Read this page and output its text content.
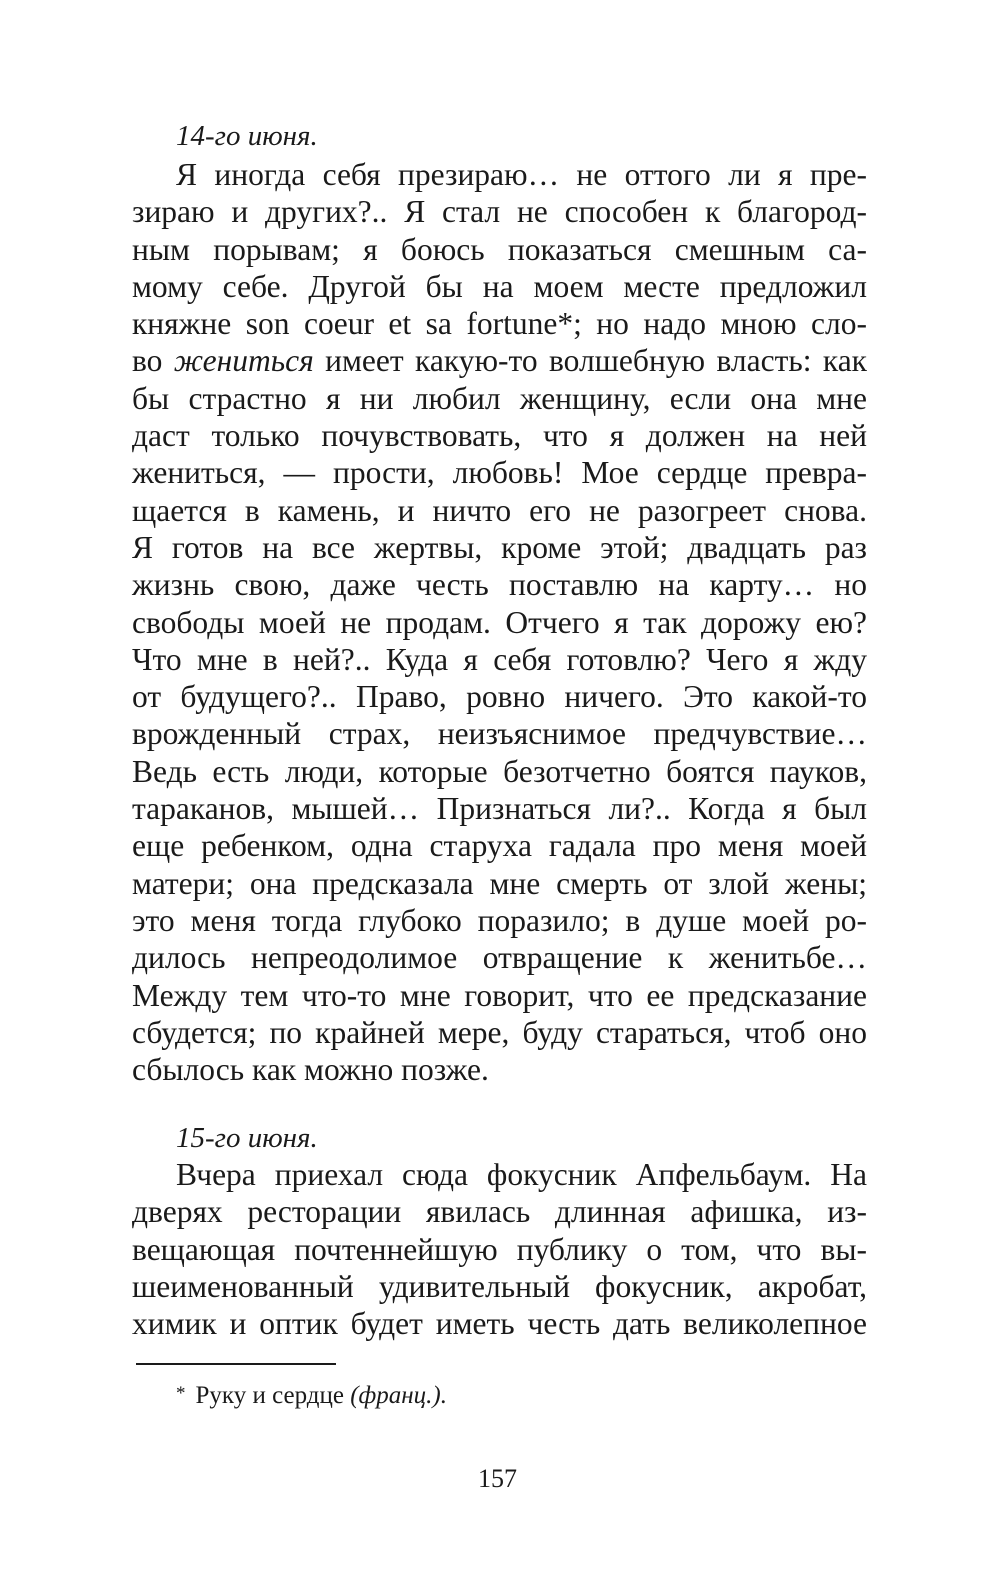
14-го июня.
Я иногда себя презираю… не оттого ли я пре-
зираю и других?.. Я стал не способен к благород-
ным порывам; я боюсь показаться смешным са-
мому себе. Другой бы на моем месте предложил
княжне son coeur et sa fortune*; но надо мною сло-
во жениться имеет какую-то волшебную власть: как
бы страстно я ни любил женщину, если она мне
даст только почувствовать, что я должен на ней
жениться, — прости, любовь! Мое сердце превра-
щается в камень, и ничто его не разогреет снова.
Я готов на все жертвы, кроме этой; двадцать раз
жизнь свою, даже честь поставлю на карту… но
свободы моей не продам. Отчего я так дорожу ею?
Что мне в ней?.. Куда я себя готовлю? Чего я жду
от будущего?.. Право, ровно ничего. Это какой-то
врожденный страх, неизъяснимое предчувствие…
Ведь есть люди, которые безотчетно боятся пауков,
тараканов, мышей… Признаться ли?.. Когда я был
еще ребенком, одна старуха гадала про меня моей
матери; она предсказала мне смерть от злой жены;
это меня тогда глубоко поразило; в душе моей ро-
дилось непреодолимое отвращение к женитьбе…
Между тем что-то мне говорит, что ее предсказание
сбудется; по крайней мере, буду стараться, чтоб оно
сбылось как можно позже.
15-го июня.
Вчера приехал сюда фокусник Апфельбаум. На
дверях ресторации явилась длинная афишка, из-
вещающая почтеннейшую публику о том, что вы-
шеименованный удивительный фокусник, акробат,
химик и оптик будет иметь честь дать великолепное
* Руку и сердце (франц.).
157
